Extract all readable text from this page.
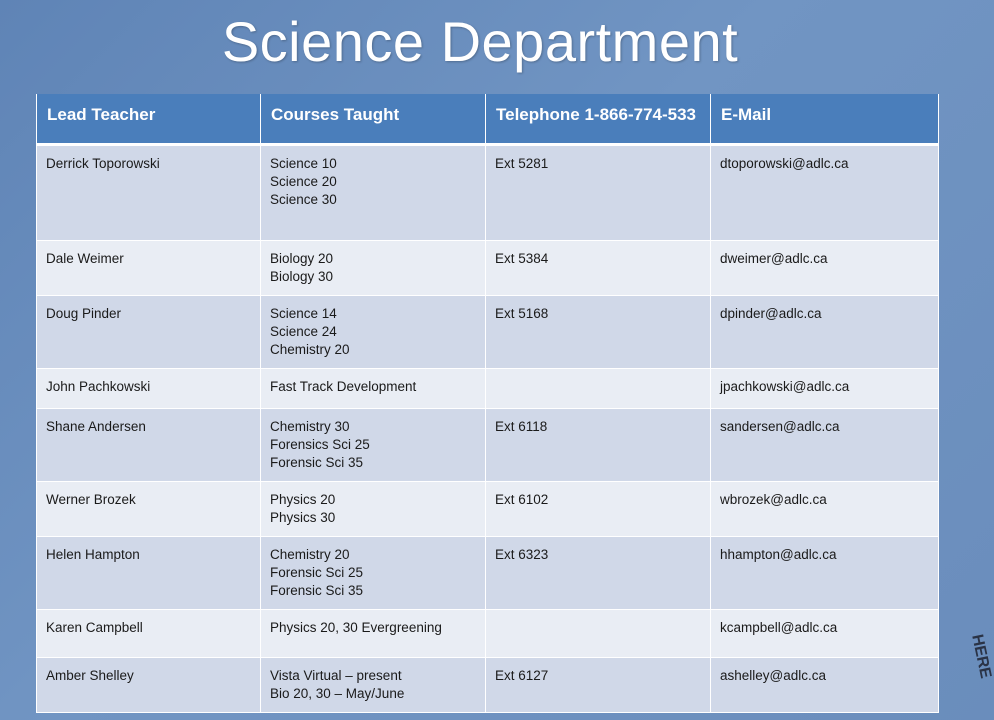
Science Department
Lead Teacher	Courses Taught	Telephone 1-866-774-533	E-Mail
Derrick Toporowski	Science 10
Science 20
Science 30	Ext 5281	dtoporowski@adlc.ca
Dale Weimer	Biology 20
Biology 30	Ext 5384	dweimer@adlc.ca
Doug Pinder	Science 14
Science 24
Chemistry 20	Ext 5168	dpinder@adlc.ca
John Pachkowski	Fast Track Development		jpachkowski@adlc.ca
Shane Andersen	Chemistry 30
Forensics Sci 25
Forensic Sci 35	Ext 6118	sandersen@adlc.ca
Werner Brozek	Physics 20
Physics 30	Ext 6102	wbrozek@adlc.ca
Helen Hampton	Chemistry 20
Forensic Sci 25
Forensic Sci 35	Ext 6323	hhampton@adlc.ca
Karen Campbell	Physics 20, 30 Evergreening		kcampbell@adlc.ca
Amber Shelley	Vista Virtual – present
Bio 20, 30 – May/June	Ext 6127	ashelley@adlc.ca	HERE
